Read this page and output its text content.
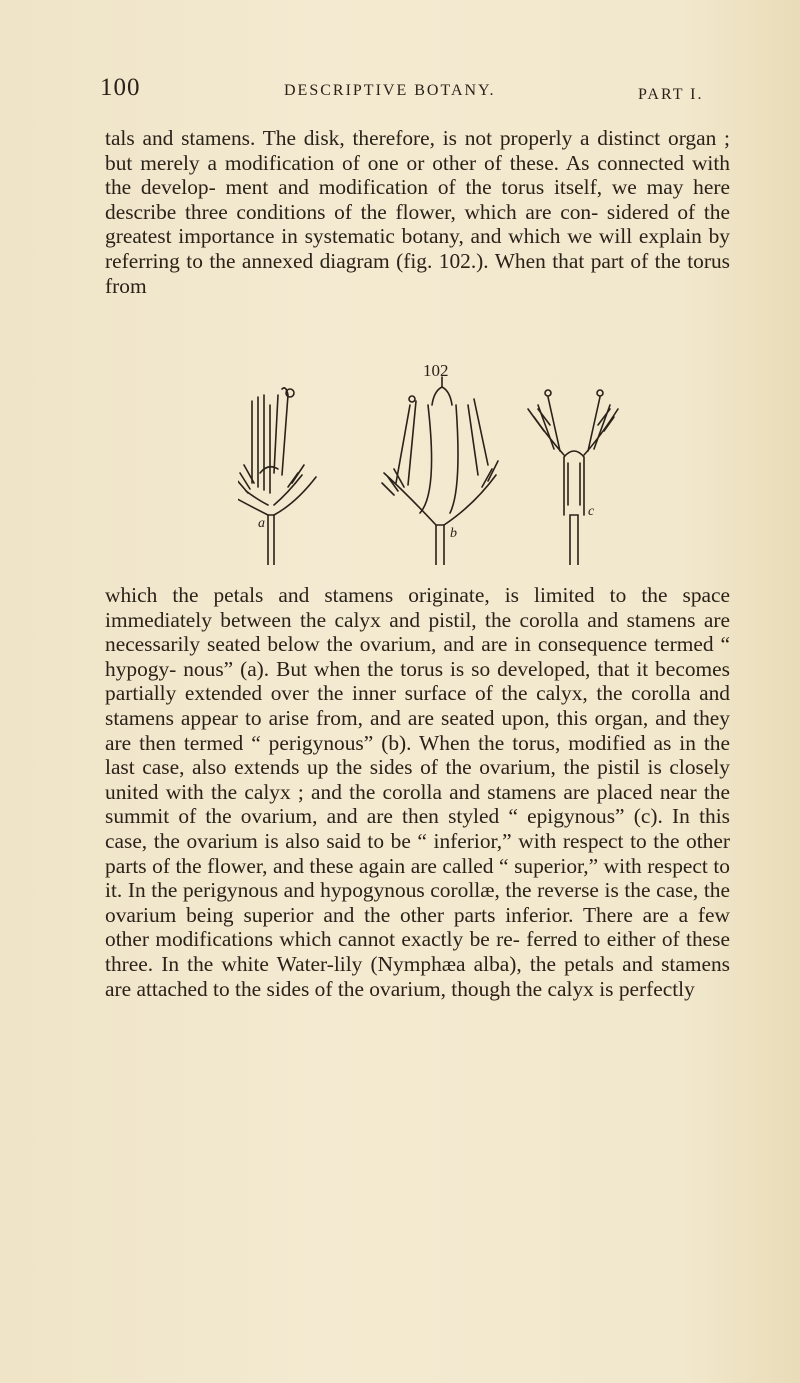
100	DESCRIPTIVE BOTANY.	PART I.

tals and stamens. The disk, therefore, is not properly a distinct organ ; but merely a modification of one or other of these. As connected with the develop- ment and modification of the torus itself, we may here describe three conditions of the flower, which are con- sidered of the greatest importance in systematic botany, and which we will explain by referring to the annexed diagram (fig. 102.). When that part of the torus from

102
a
b
c

which the petals and stamens originate, is limited to the space immediately between the calyx and pistil, the corolla and stamens are necessarily seated below the ovarium, and are in consequence termed “ hypogy- nous” (a). But when the torus is so developed, that it becomes partially extended over the inner surface of the calyx, the corolla and stamens appear to arise from, and are seated upon, this organ, and they are then termed “ perigynous” (b). When the torus, modified as in the last case, also extends up the sides of the ovarium, the pistil is closely united with the calyx ; and the corolla and stamens are placed near the summit of the ovarium, and are then styled “ epigynous” (c). In this case, the ovarium is also said to be “ inferior,” with respect to the other parts of the flower, and these again are called “ superior,” with respect to it. In the perigynous and hypogynous corollæ, the reverse is the case, the ovarium being superior and the other parts inferior. There are a few other modifications which cannot exactly be re- ferred to either of these three. In the white Water-lily (Nymphæa alba), the petals and stamens are attached to the sides of the ovarium, though the calyx is perfectly
